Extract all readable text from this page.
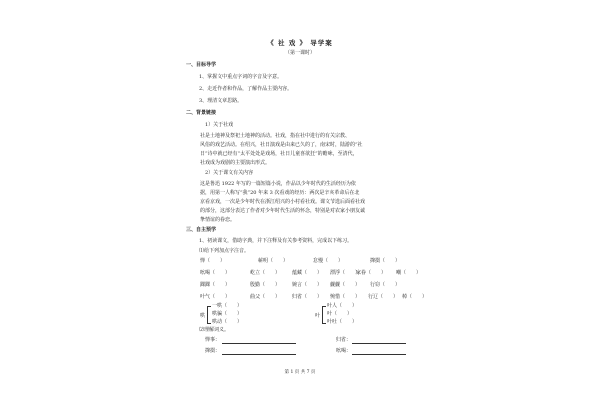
《 社 戏 》 导学案
（第一课时）
一、目标导学
1、掌握文中重点字词的字音及字意。
2、走近作者和作品，了解作品主要内容。
3、理清文章思路。
二、背景链接
1）关于社戏
社是土地神及祭祀土地神的活动。社戏，指在社中进行的有关宗教、
风俗的戏艺活动。在绍兴，社日演戏是由来已久的了，南宋时，陆游的“社
日”诗中就已经有“太平处处是戏场，社日儿童喜欲狂”的瞻咏，至清代，
社戏成为戏剧的主要演出形式。
2）关于课文有关内容
这是鲁迅 1922 年写的一篇短篇小说，作品以少年时代的生活经历为依
据，用第一人称写“我”20 年来 3 次看戏的经历：两次是辛亥革命后在北
京看京戏，一次是少年时代在浙江绍兴的小村看社戏。课文节选后面看社戏
的部分，这部分表达了作者对少年时代生活的怀念，特别是对农家小朋友诚
挚情谊的眷恋。
三、自主预学
1、初读课文，借助字典，并下注释及有关参考资料，完成以下练习。
⑴给下列加点字注音。
惮（　　）	蕲明（　　）	怠慢（　　）	撺掇（　　）
吆喝（　　）	屹立（　　） 蕴藏（　　） 漂浮（　　）
家眷（　　） 嘲（　　）
踝踝（　　）	殷勤（　　） 婉言（　　） 觑觑（　　） 行窃（　　）
叶气（　　）	曲父（　　） 归省（　　） 惋惜（　　） 行辽（　　） 棹（　　）
哄
一哄（　　）
哄骗（　　）
哄动（　　）
叶
叶人（　　）
叶（　　）
叶吐（　　）
⑵理解词义。
惮事：	归省：
撺掇：	吆喝：
第 1 页 共 7 页
